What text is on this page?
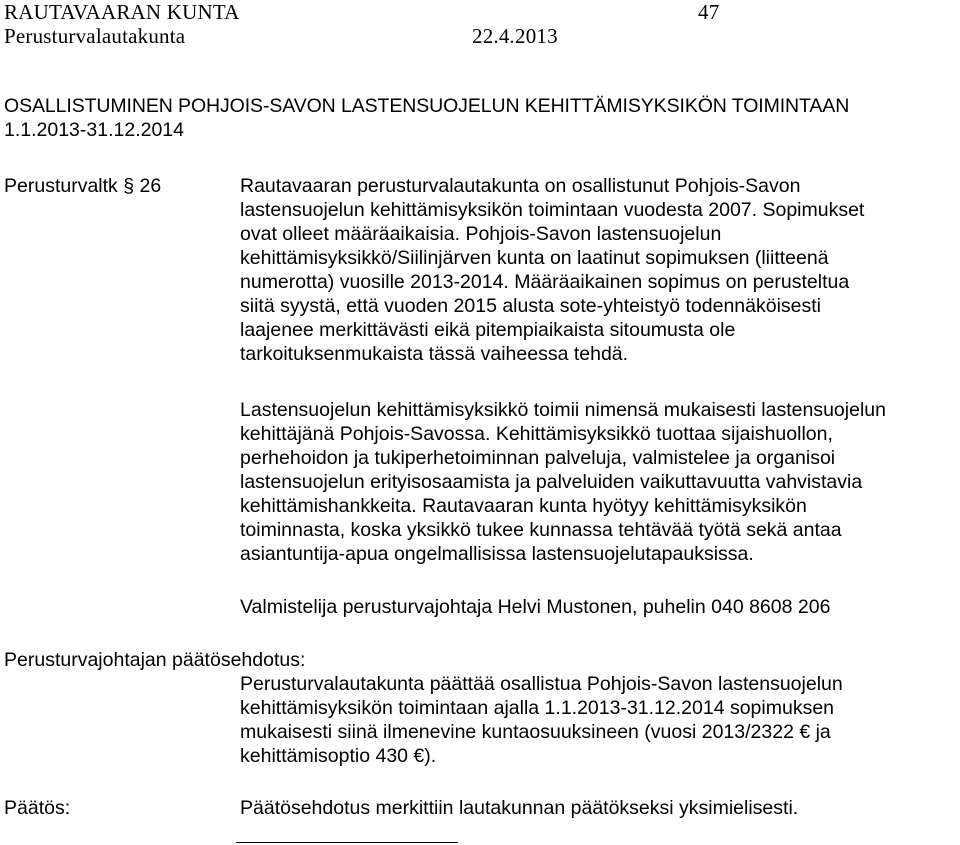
RAUTAVAARAN KUNTA	47
Perusturvalautakunta	22.4.2013
OSALLISTUMINEN POHJOIS-SAVON LASTENSUOJELUN KEHITTÄMISYKSIKÖN TOIMINTAAN
1.1.2013-31.12.2014
Perusturvaltk § 26	Rautavaaran perusturvalautakunta on osallistunut Pohjois-Savon
lastensuojelun kehittämisyksikön toimintaan vuodesta 2007. Sopimukset
ovat olleet määräaikaisia. Pohjois-Savon lastensuojelun
kehittämisyksikkö/Siilinjärven kunta on laatinut sopimuksen (liitteenä
numerotta) vuosille 2013-2014. Määräaikainen sopimus on perusteltua
siitä syystä, että vuoden 2015 alusta sote-yhteistyö todennäköisesti
laajenee merkittävästi eikä pitempiaikaista sitoumusta ole
tarkoituksenmukaista tässä vaiheessa tehdä.
Lastensuojelun kehittämisyksikkö toimii nimensä mukaisesti lastensuojelun
kehittäjänä Pohjois-Savossa. Kehittämisyksikkö tuottaa sijaishuollon,
perhehoidon ja tukiperhetoiminnan palveluja, valmistelee ja organisoi
lastensuojelun erityisosaamista ja palveluiden vaikuttavuutta vahvistavia
kehittämishankkeita. Rautavaaran kunta hyötyy kehittämisyksikön
toiminnasta, koska yksikkö tukee kunnassa tehtävää työtä sekä antaa
asiantuntija-apua ongelmallisissa lastensuojelutapauksissa.
Valmistelija perusturvajohtaja Helvi Mustonen, puhelin 040 8608 206
Perusturvajohtajan päätösehdotus:
Perusturvalautakunta päättää osallistua Pohjois-Savon lastensuojelun
kehittämisyksikön toimintaan ajalla 1.1.2013-31.12.2014 sopimuksen
mukaisesti siinä ilmenevine kuntaosuuksineen (vuosi 2013/2322 € ja
kehittämisoptio 430 €).
Päätös:	Päätösehdotus merkittiin lautakunnan päätökseksi yksimielisesti.
